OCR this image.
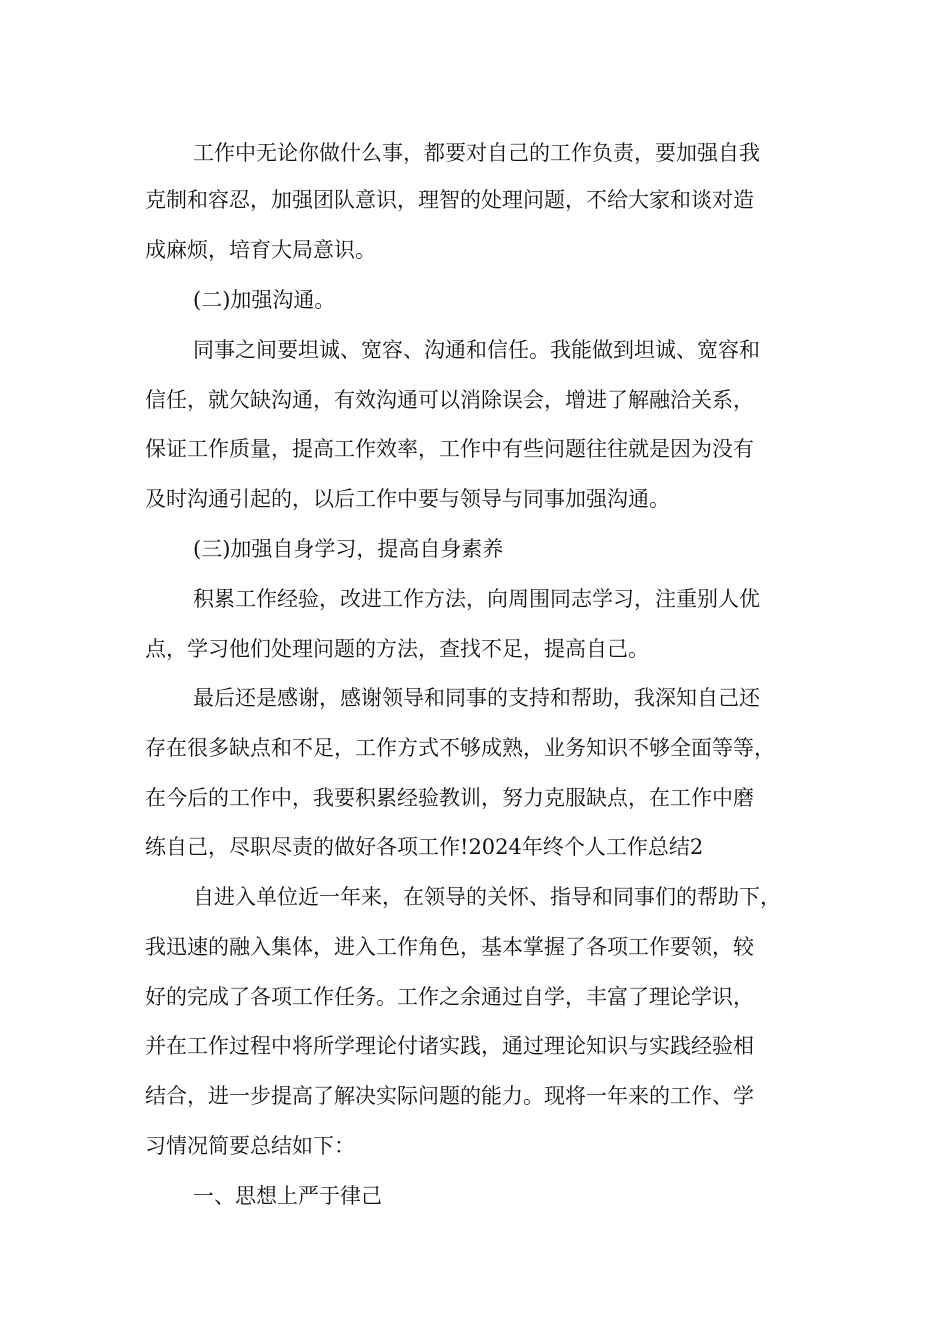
工作中无论你做什么事，都要对自己的工作负责，要加强自我
克制和容忍，加强团队意识，理智的处理问题，不给大家和谈对造
成麻烦，培育大局意识。
(二)加强沟通。
同事之间要坦诚、宽容、沟通和信任。我能做到坦诚、宽容和
信任，就欠缺沟通，有效沟通可以消除误会，增进了解融洽关系，
保证工作质量，提高工作效率，工作中有些问题往往就是因为没有
及时沟通引起的，以后工作中要与领导与同事加强沟通。
(三)加强自身学习，提高自身素养
积累工作经验，改进工作方法，向周围同志学习，注重别人优
点，学习他们处理问题的方法，查找不足，提高自己。
最后还是感谢，感谢领导和同事的支持和帮助，我深知自己还
存在很多缺点和不足，工作方式不够成熟，业务知识不够全面等等，
在今后的工作中，我要积累经验教训，努力克服缺点，在工作中磨
练自己，尽职尽责的做好各项工作!2024年终个人工作总结2
自进入单位近一年来，在领导的关怀、指导和同事们的帮助下，
我迅速的融入集体，进入工作角色，基本掌握了各项工作要领，较
好的完成了各项工作任务。工作之余通过自学，丰富了理论学识，
并在工作过程中将所学理论付诸实践，通过理论知识与实践经验相
结合，进一步提高了解决实际问题的能力。现将一年来的工作、学
习情况简要总结如下：
一、思想上严于律己
